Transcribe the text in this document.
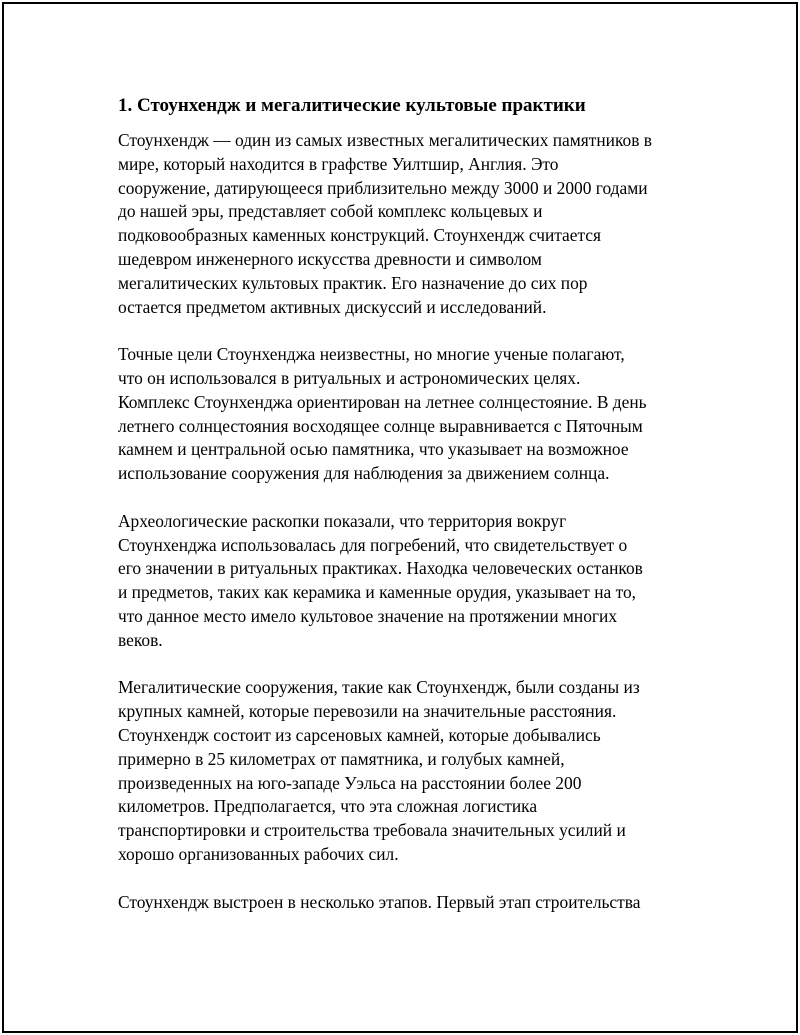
1. Стоунхендж и мегалитические культовые практики

Стоунхендж — один из самых известных мегалитических памятников в
мире, который находится в графстве Уилтшир, Англия. Это
сооружение, датирующееся приблизительно между 3000 и 2000 годами
до нашей эры, представляет собой комплекс кольцевых и
подковообразных каменных конструкций. Стоунхендж считается
шедевром инженерного искусства древности и символом
мегалитических культовых практик. Его назначение до сих пор
остается предметом активных дискуссий и исследований.

Точные цели Стоунхенджа неизвестны, но многие ученые полагают,
что он использовался в ритуальных и астрономических целях.
Комплекс Стоунхенджа ориентирован на летнее солнцестояние. В день
летнего солнцестояния восходящее солнце выравнивается с Пяточным
камнем и центральной осью памятника, что указывает на возможное
использование сооружения для наблюдения за движением солнца.

Археологические раскопки показали, что территория вокруг
Стоунхенджа использовалась для погребений, что свидетельствует о
его значении в ритуальных практиках. Находка человеческих останков
и предметов, таких как керамика и каменные орудия, указывает на то,
что данное место имело культовое значение на протяжении многих
веков.

Мегалитические сооружения, такие как Стоунхендж, были созданы из
крупных камней, которые перевозили на значительные расстояния.
Стоунхендж состоит из сарсеновых камней, которые добывались
примерно в 25 километрах от памятника, и голубых камней,
произведенных на юго-западе Уэльса на расстоянии более 200
километров. Предполагается, что эта сложная логистика
транспортировки и строительства требовала значительных усилий и
хорошо организованных рабочих сил.

Стоунхендж выстроен в несколько этапов. Первый этап строительства
